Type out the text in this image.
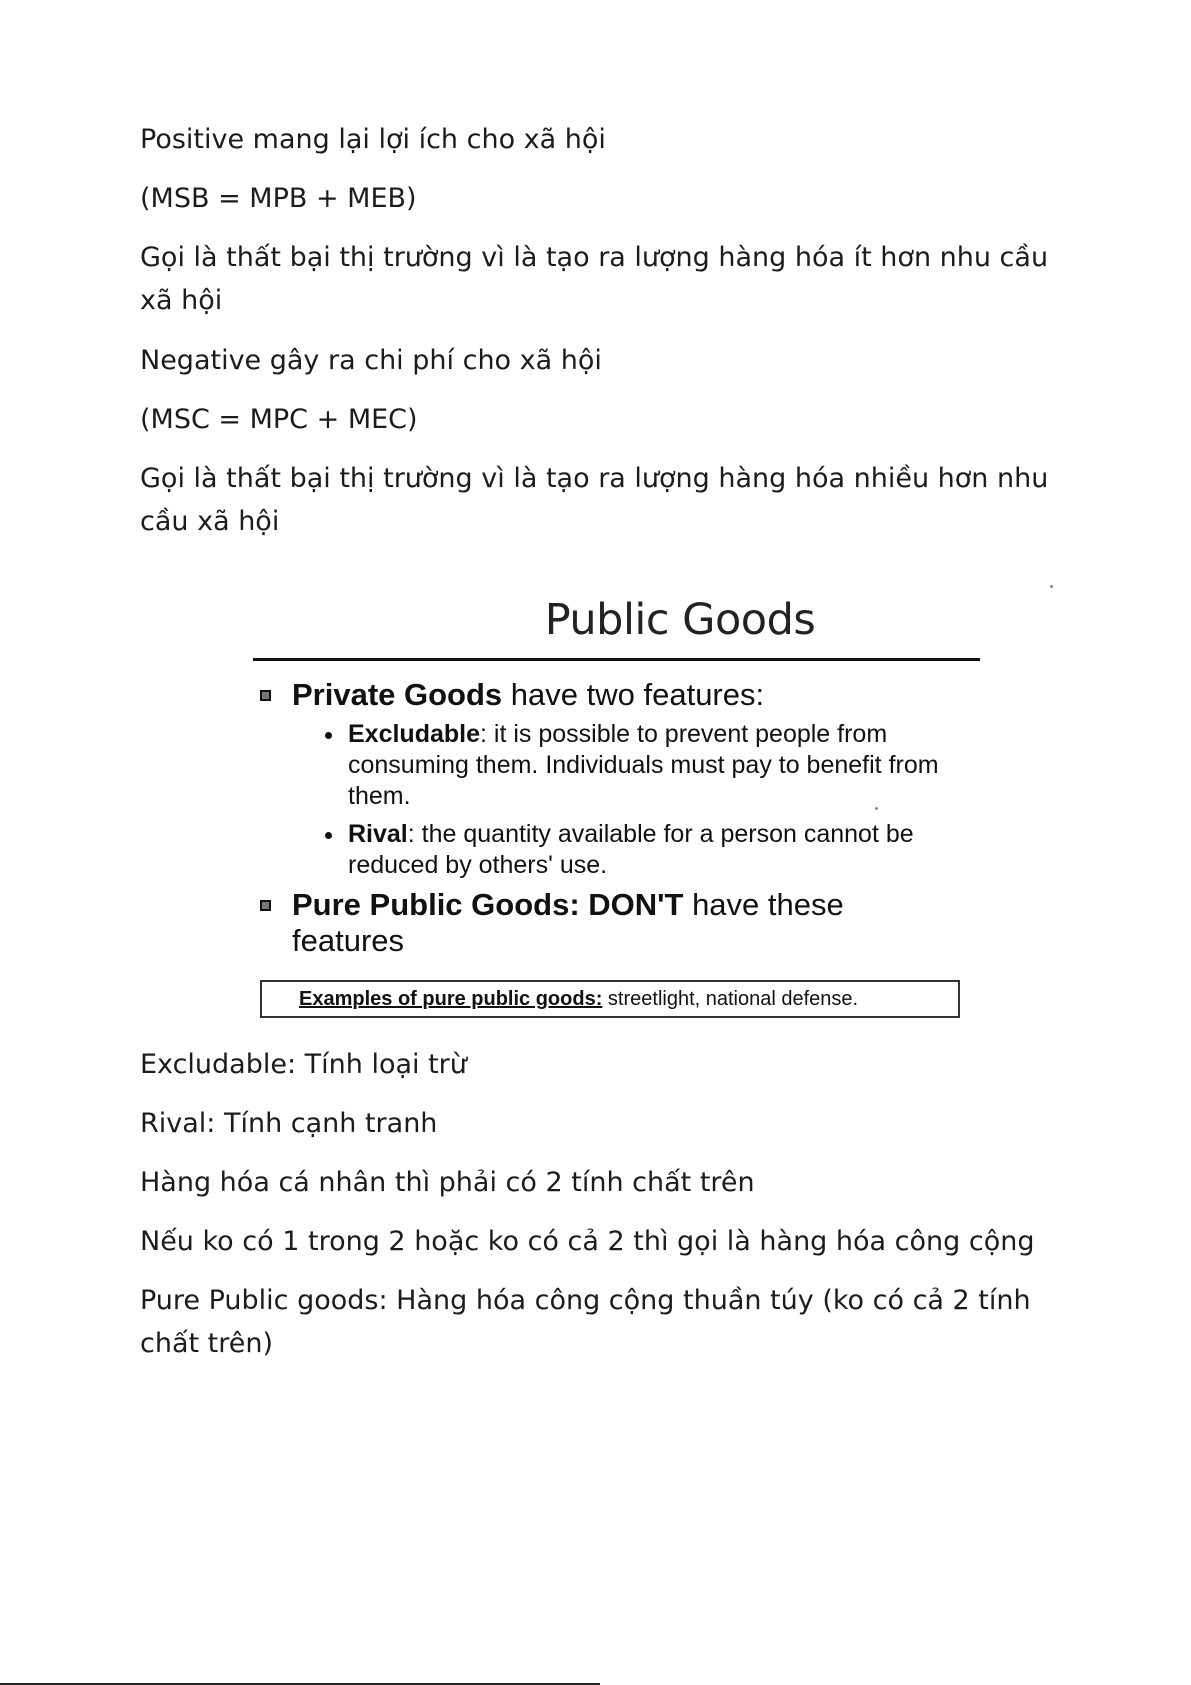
Positive mang lại lợi ích cho xã hội

(MSB = MPB + MEB)

Gọi là thất bại thị trường vì là tạo ra lượng hàng hóa ít hơn nhu cầu xã hội

Negative gây ra chi phí cho xã hội

(MSC = MPC + MEC)

Gọi là thất bại thị trường vì là tạo ra lượng hàng hóa nhiều hơn nhu cầu xã hội

Public Goods
Private Goods have two features:
Excludable: it is possible to prevent people from consuming them. Individuals must pay to benefit from them.
Rival: the quantity available for a person cannot be reduced by others' use.
Pure Public Goods: DON'T have these features
Examples of pure public goods: streetlight, national defense.

Excludable: Tính loại trừ

Rival: Tính cạnh tranh

Hàng hóa cá nhân thì phải có 2 tính chất trên

Nếu ko có 1 trong 2 hoặc ko có cả 2 thì gọi là hàng hóa công cộng

Pure Public goods: Hàng hóa công cộng thuần túy (ko có cả 2 tính chất trên)
